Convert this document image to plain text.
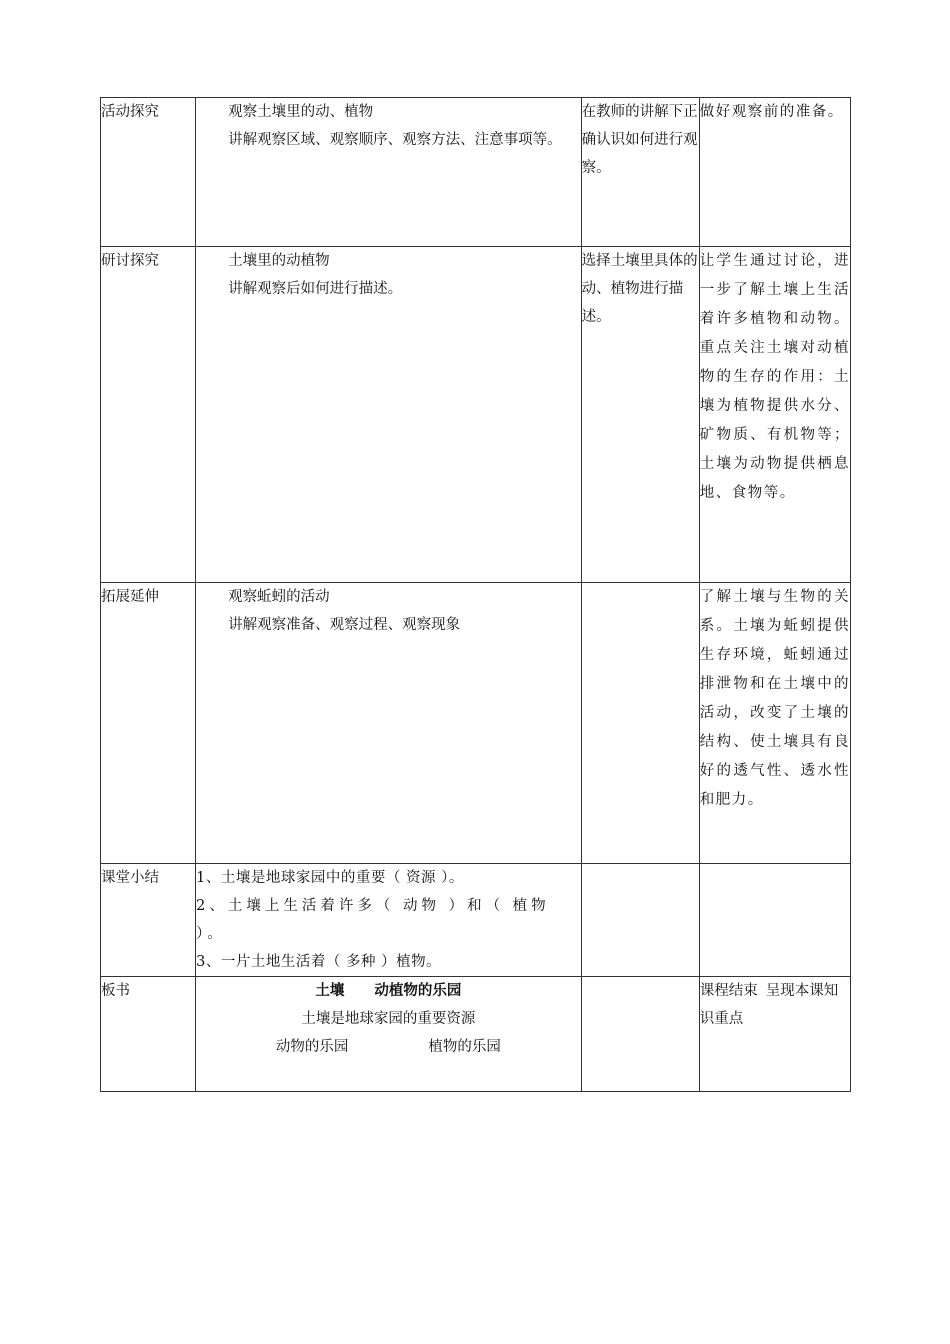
活动探究	观察土壤里的动、植物
讲解观察区域、观察顺序、观察方法、注意事项等。	在教师的讲解下正确认识如何进行观察。	做好观察前的准备。
研讨探究	土壤里的动植物
讲解观察后如何进行描述。	选择土壤里具体的动、植物进行描述。	让学生通过讨论，进一步了解土壤上生活着许多植物和动物。重点关注土壤对动植物的生存的作用：土壤为植物提供水分、矿物质、有机物等；土壤为动物提供栖息地、食物等。
拓展延伸	观察蚯蚓的活动
讲解观察准备、观察过程、观察现象		了解土壤与生物的关系。土壤为蚯蚓提供生存环境，蚯蚓通过排泄物和在土壤中的活动，改变了土壤的结构、使土壤具有良好的透气性、透水性和肥力。
课堂小结	1、土壤是地球家园中的重要（ 资源 ）。
2、土壤上生活着许多（ 动物 ）和（ 植物 ）。
3、一片土地生活着（ 多种 ）植物。		

板书	土壤 动植物的乐园
土壤是地球家园的重要资源
动物的乐园 植物的乐园		课程结束 呈现本课知识重点
